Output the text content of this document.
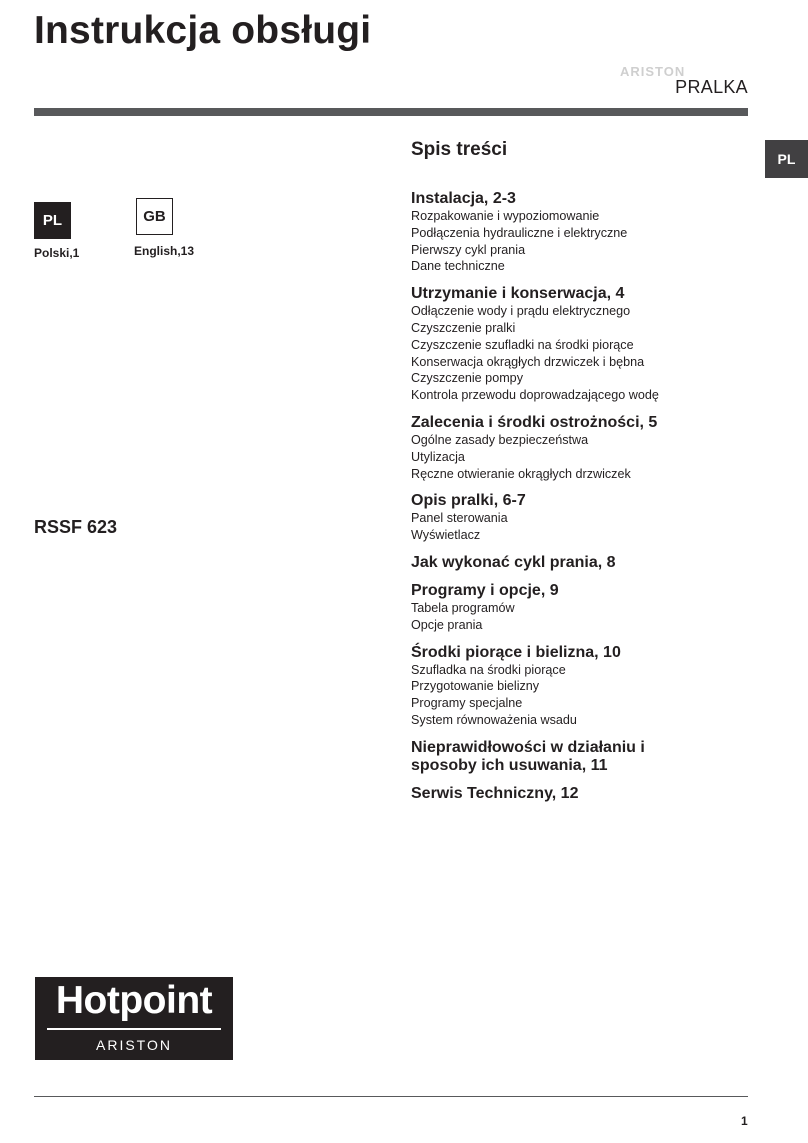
Instrukcja obsługi
ARISTON
PRALKA
PL
PL
Polski,1
GB
English,13
RSSF 623
Spis treści
Instalacja, 2-3
Rozpakowanie i wypoziomowanie
Podłączenia hydrauliczne i elektryczne
Pierwszy cykl prania
Dane techniczne
Utrzymanie i konserwacja, 4
Odłączenie wody i prądu elektrycznego
Czyszczenie pralki
Czyszczenie szufladki na środki piorące
Konserwacja okrągłych drzwiczek i bębna
Czyszczenie pompy
Kontrola przewodu doprowadzającego wodę
Zalecenia i środki ostrożności, 5
Ogólne zasady bezpieczeństwa
Utylizacja
Ręczne otwieranie okrągłych drzwiczek
Opis pralki, 6-7
Panel sterowania
Wyświetlacz
Jak wykonać cykl prania, 8
Programy i opcje, 9
Tabela programów
Opcje prania
Środki piorące i bielizna, 10
Szufladka na środki piorące
Przygotowanie bielizny
Programy specjalne
System równoważenia wsadu
Nieprawidłowości w działaniu i sposoby ich usuwania, 11
Serwis Techniczny, 12
Hotpoint
ARISTON
1
